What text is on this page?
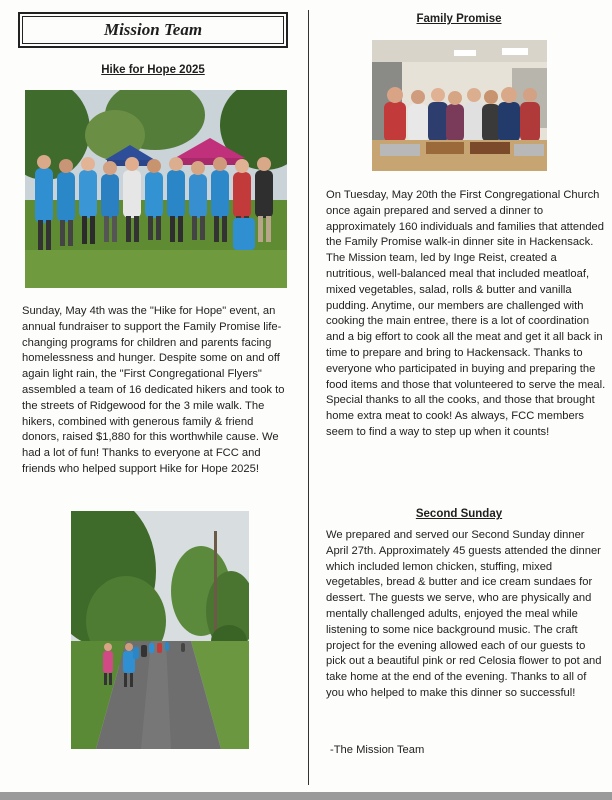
Mission Team
Hike for Hope 2025
Sunday, May 4th was the "Hike for Hope" event, an annual fundraiser to support the Family Promise life-changing programs for children and parents facing homelessness and hunger. Despite some on and off again light rain, the "First Congregational Flyers" assembled a team of 16 dedicated hikers and took to the streets of Ridgewood for the 3 mile walk. The hikers, combined with generous family & friend donors, raised $1,880 for this worthwhile cause. We had a lot of fun! Thanks to everyone at FCC and friends who helped support Hike for Hope 2025!
Family Promise
On Tuesday, May 20th the First Congregational Church once again prepared and served a dinner to approximately 160 individuals and families that attended the Family Promise walk-in dinner site in Hackensack. The Mission team, led by Inge Reist, created a nutritious, well-balanced meal that included meatloaf, mixed vegetables, salad, rolls & butter and vanilla pudding. Anytime, our members are challenged with cooking the main entree, there is a lot of coordination and a big effort to cook all the meat and get it all back in time to prepare and bring to Hackensack. Thanks to everyone who participated in buying and preparing the food items and those that volunteered to serve the meal. Special thanks to all the cooks, and those that brought home extra meat to cook! As always, FCC members seem to find a way to step up when it counts!
Second Sunday
We prepared and served our Second Sunday dinner April 27th. Approximately 45 guests attended the dinner which included lemon chicken, stuffing, mixed vegetables, bread & butter and ice cream sundaes for dessert. The guests we serve, who are physically and mentally challenged adults, enjoyed the meal while listening to some nice background music. The craft project for the evening allowed each of our guests to pick out a beautiful pink or red Celosia flower to pot and take home at the end of the evening. Thanks to all of you who helped to make this dinner so successful!
-The Mission Team
